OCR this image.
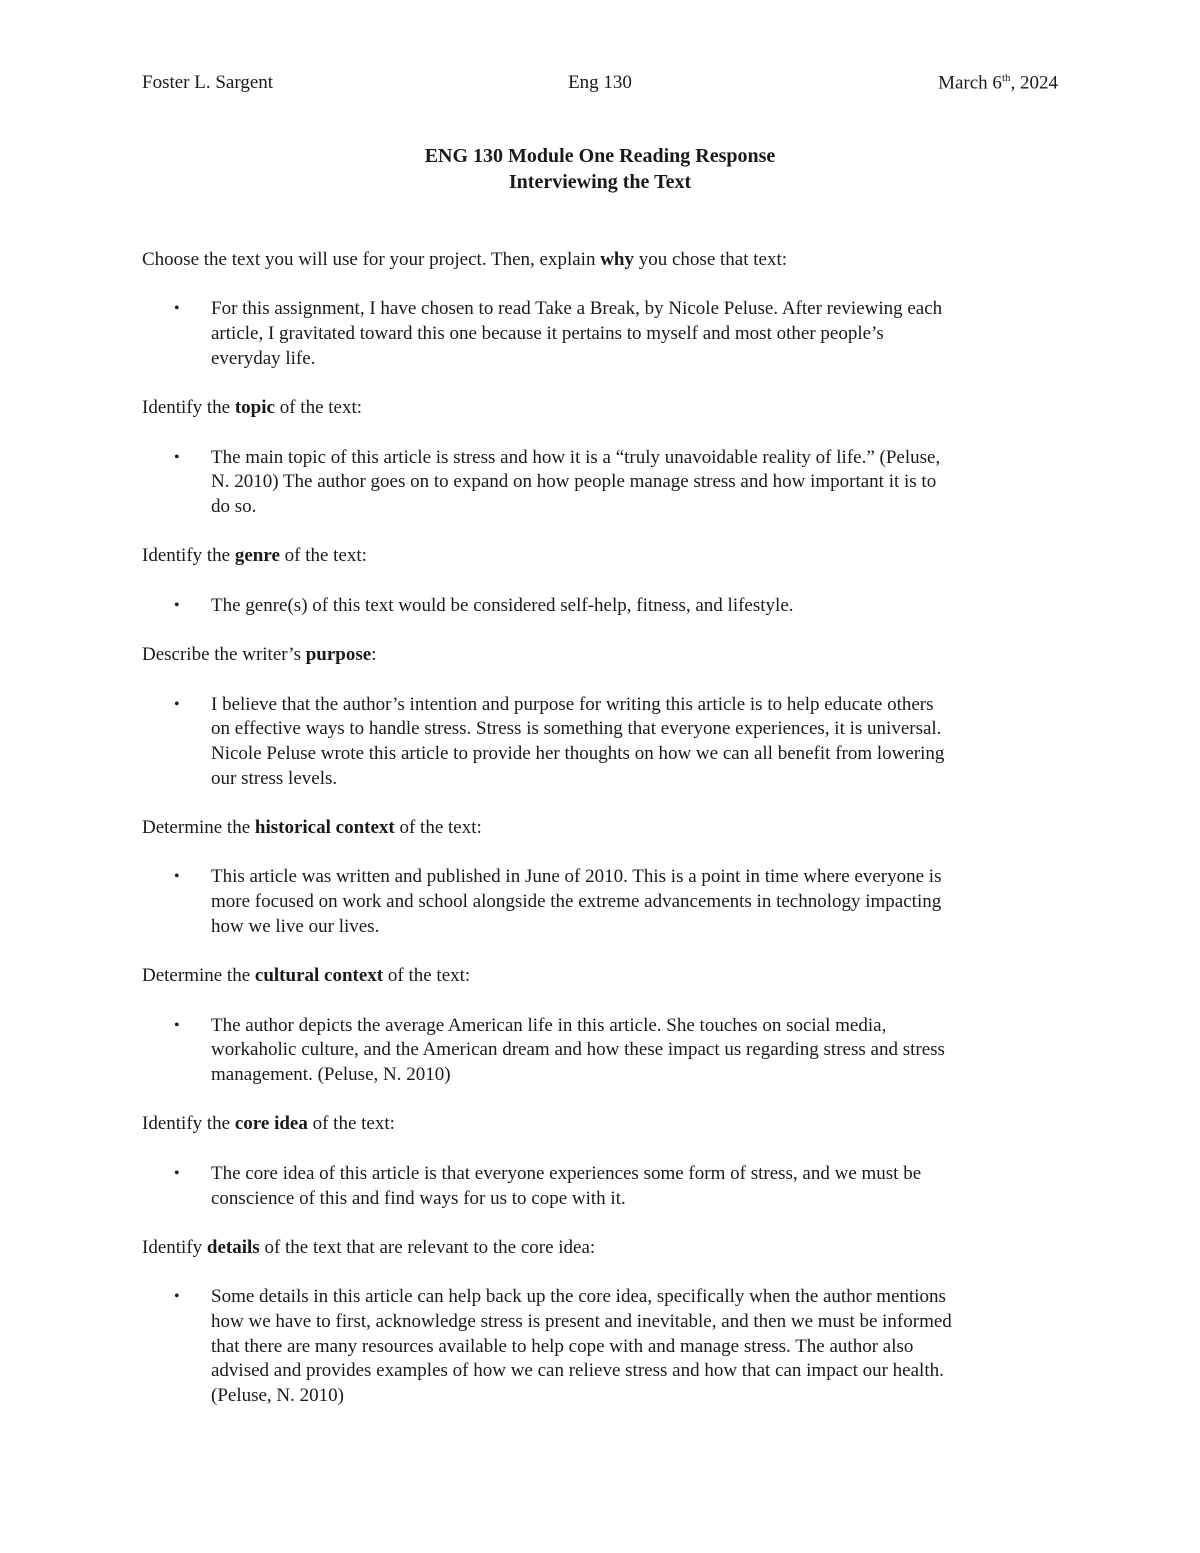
Foster L. Sargent	Eng 130	March 6th, 2024
ENG 130 Module One Reading Response
Interviewing the Text
Choose the text you will use for your project. Then, explain why you chose that text:
• For this assignment, I have chosen to read Take a Break, by Nicole Peluse. After reviewing each
article, I gravitated toward this one because it pertains to myself and most other people’s
everyday life.
Identify the topic of the text:
• The main topic of this article is stress and how it is a “truly unavoidable reality of life.” (Peluse,
N. 2010) The author goes on to expand on how people manage stress and how important it is to
do so.
Identify the genre of the text:
• The genre(s) of this text would be considered self-help, fitness, and lifestyle.
Describe the writer’s purpose:
• I believe that the author’s intention and purpose for writing this article is to help educate others
on effective ways to handle stress. Stress is something that everyone experiences, it is universal.
Nicole Peluse wrote this article to provide her thoughts on how we can all benefit from lowering
our stress levels.
Determine the historical context of the text:
• This article was written and published in June of 2010. This is a point in time where everyone is
more focused on work and school alongside the extreme advancements in technology impacting
how we live our lives.
Determine the cultural context of the text:
• The author depicts the average American life in this article. She touches on social media,
workaholic culture, and the American dream and how these impact us regarding stress and stress
management. (Peluse, N. 2010)
Identify the core idea of the text:
• The core idea of this article is that everyone experiences some form of stress, and we must be
conscience of this and find ways for us to cope with it.
Identify details of the text that are relevant to the core idea:
• Some details in this article can help back up the core idea, specifically when the author mentions
how we have to first, acknowledge stress is present and inevitable, and then we must be informed
that there are many resources available to help cope with and manage stress. The author also
advised and provides examples of how we can relieve stress and how that can impact our health.
(Peluse, N. 2010)
